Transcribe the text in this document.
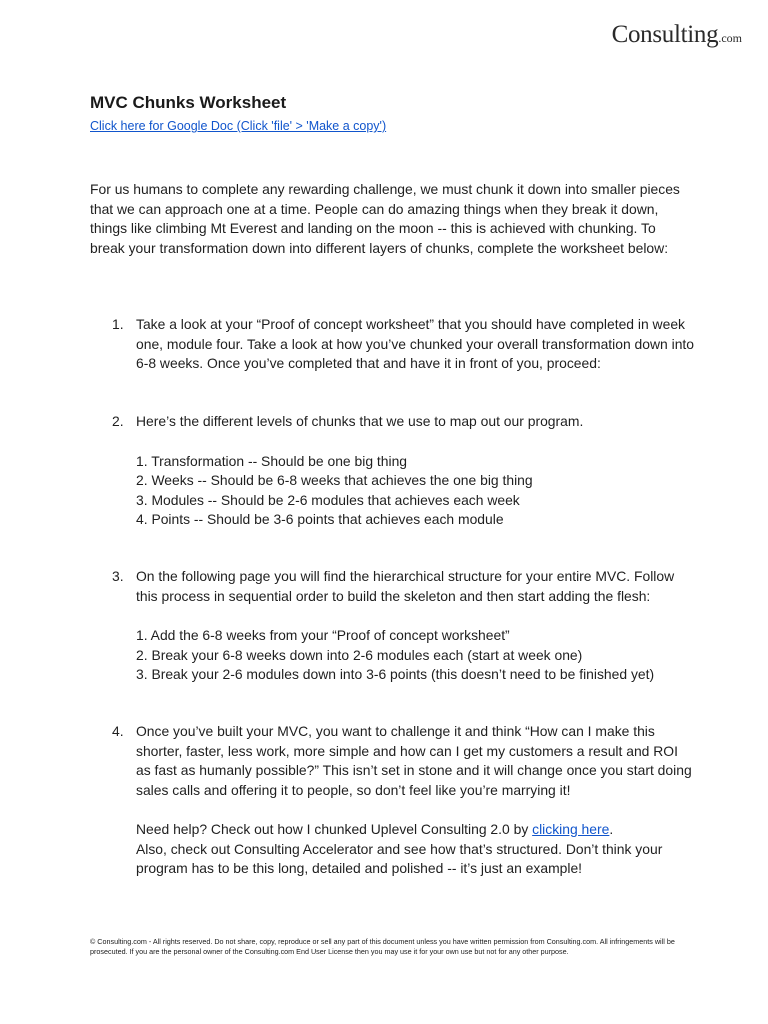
Consulting.com
MVC Chunks Worksheet
Click here for Google Doc (Click 'file' > 'Make a copy')

For us humans to complete any rewarding challenge, we must chunk it down into smaller pieces that we can approach one at a time. People can do amazing things when they break it down, things like climbing Mt Everest and landing on the moon -- this is achieved with chunking. To break your transformation down into different layers of chunks, complete the worksheet below:

1. Take a look at your “Proof of concept worksheet” that you should have completed in week one, module four. Take a look at how you’ve chunked your overall transformation down into 6-8 weeks. Once you’ve completed that and have it in front of you, proceed:

2. Here’s the different levels of chunks that we use to map out our program.

1. Transformation -- Should be one big thing
2. Weeks -- Should be 6-8 weeks that achieves the one big thing
3. Modules -- Should be 2-6 modules that achieves each week
4. Points -- Should be 3-6 points that achieves each module
3. On the following page you will find the hierarchical structure for your entire MVC. Follow this process in sequential order to build the skeleton and then start adding the flesh:

1. Add the 6-8 weeks from your “Proof of concept worksheet”
2. Break your 6-8 weeks down into 2-6 modules each (start at week one)
3. Break your 2-6 modules down into 3-6 points (this doesn’t need to be finished yet)
4. Once you’ve built your MVC, you want to challenge it and think “How can I make this shorter, faster, less work, more simple and how can I get my customers a result and ROI as fast as humanly possible?” This isn’t set in stone and it will change once you start doing sales calls and offering it to people, so don’t feel like you’re marrying it!

Need help? Check out how I chunked Uplevel Consulting 2.0 by clicking here.

Also, check out Consulting Accelerator and see how that’s structured. Don’t think your program has to be this long, detailed and polished -- it’s just an example!

© Consulting.com - All rights reserved. Do not share, copy, reproduce or sell any part of this document unless you have written permission from Consulting.com. All infringements will be prosecuted. If you are the personal owner of the Consulting.com End User License then you may use it for your own use but not for any other purpose.
